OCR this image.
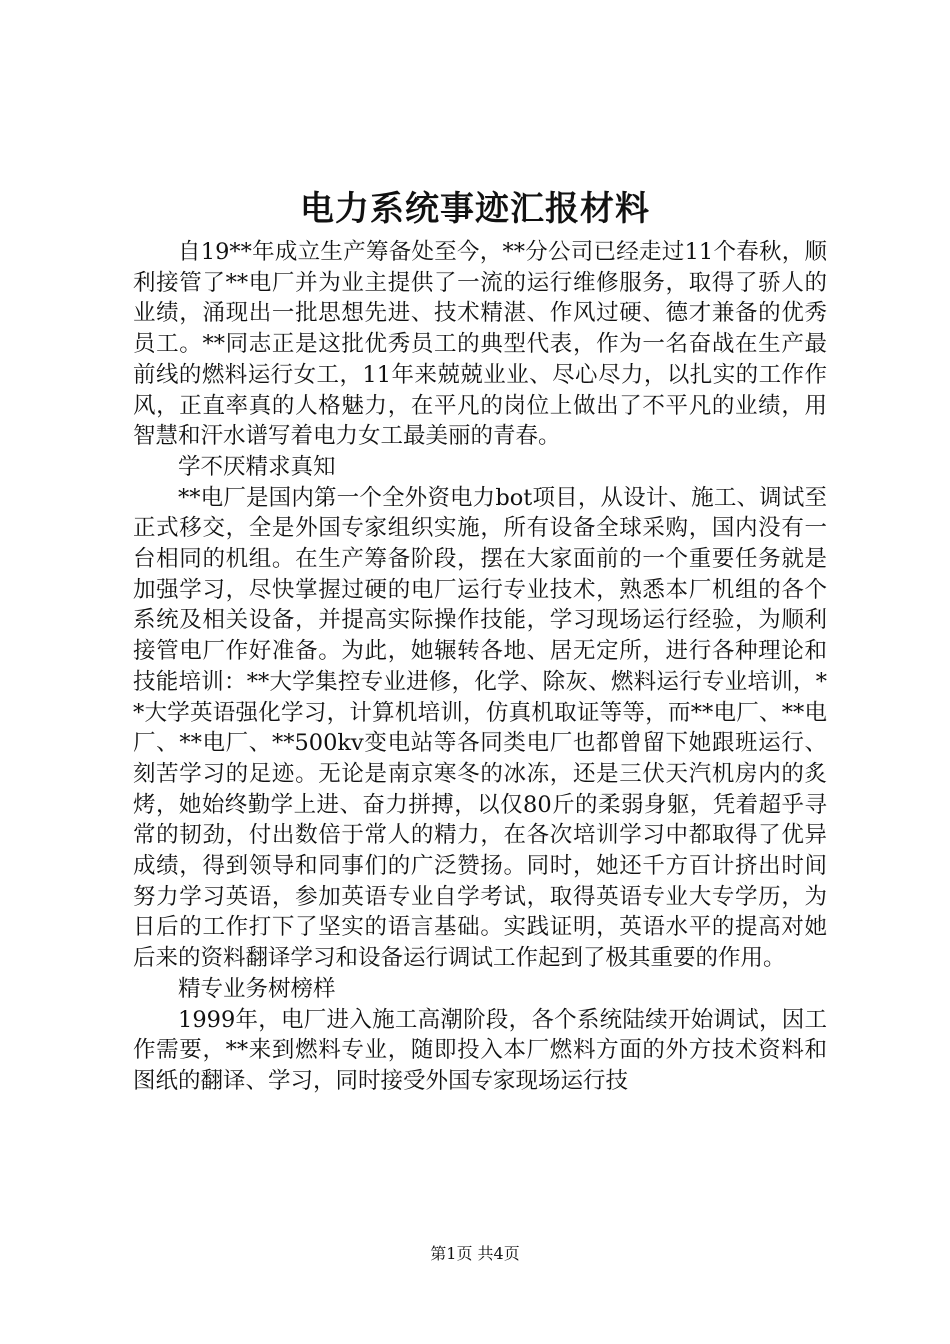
电力系统事迹汇报材料

自19**年成立生产筹备处至今，**分公司已经走过11个春秋，顺利接管了**电厂并为业主提供了一流的运行维修服务，取得了骄人的业绩，涌现出一批思想先进、技术精湛、作风过硬、德才兼备的优秀员工。**同志正是这批优秀员工的典型代表，作为一名奋战在生产最前线的燃料运行女工，11年来兢兢业业、尽心尽力，以扎实的工作作风，正直率真的人格魅力，在平凡的岗位上做出了不平凡的业绩，用智慧和汗水谱写着电力女工最美丽的青春。

学不厌精求真知

**电厂是国内第一个全外资电力bot项目，从设计、施工、调试至正式移交，全是外国专家组织实施，所有设备全球采购，国内没有一台相同的机组。在生产筹备阶段，摆在大家面前的一个重要任务就是加强学习，尽快掌握过硬的电厂运行专业技术，熟悉本厂机组的各个系统及相关设备，并提高实际操作技能，学习现场运行经验，为顺利接管电厂作好准备。为此，她辗转各地、居无定所，进行各种理论和技能培训：**大学集控专业进修，化学、除灰、燃料运行专业培训，**大学英语强化学习，计算机培训，仿真机取证等等，而**电厂、**电厂、**电厂、**500kv变电站等各同类电厂也都曾留下她跟班运行、刻苦学习的足迹。无论是南京寒冬的冰冻，还是三伏天汽机房内的炙烤，她始终勤学上进、奋力拼搏，以仅80斤的柔弱身躯，凭着超乎寻常的韧劲，付出数倍于常人的精力，在各次培训学习中都取得了优异成绩，得到领导和同事们的广泛赞扬。同时，她还千方百计挤出时间努力学习英语，参加英语专业自学考试，取得英语专业大专学历，为日后的工作打下了坚实的语言基础。实践证明，英语水平的提高对她后来的资料翻译学习和设备运行调试工作起到了极其重要的作用。

精专业务树榜样

1999年，电厂进入施工高潮阶段，各个系统陆续开始调试，因工作需要，**来到燃料专业，随即投入本厂燃料方面的外方技术资料和图纸的翻译、学习，同时接受外国专家现场运行技

第1页 共4页
